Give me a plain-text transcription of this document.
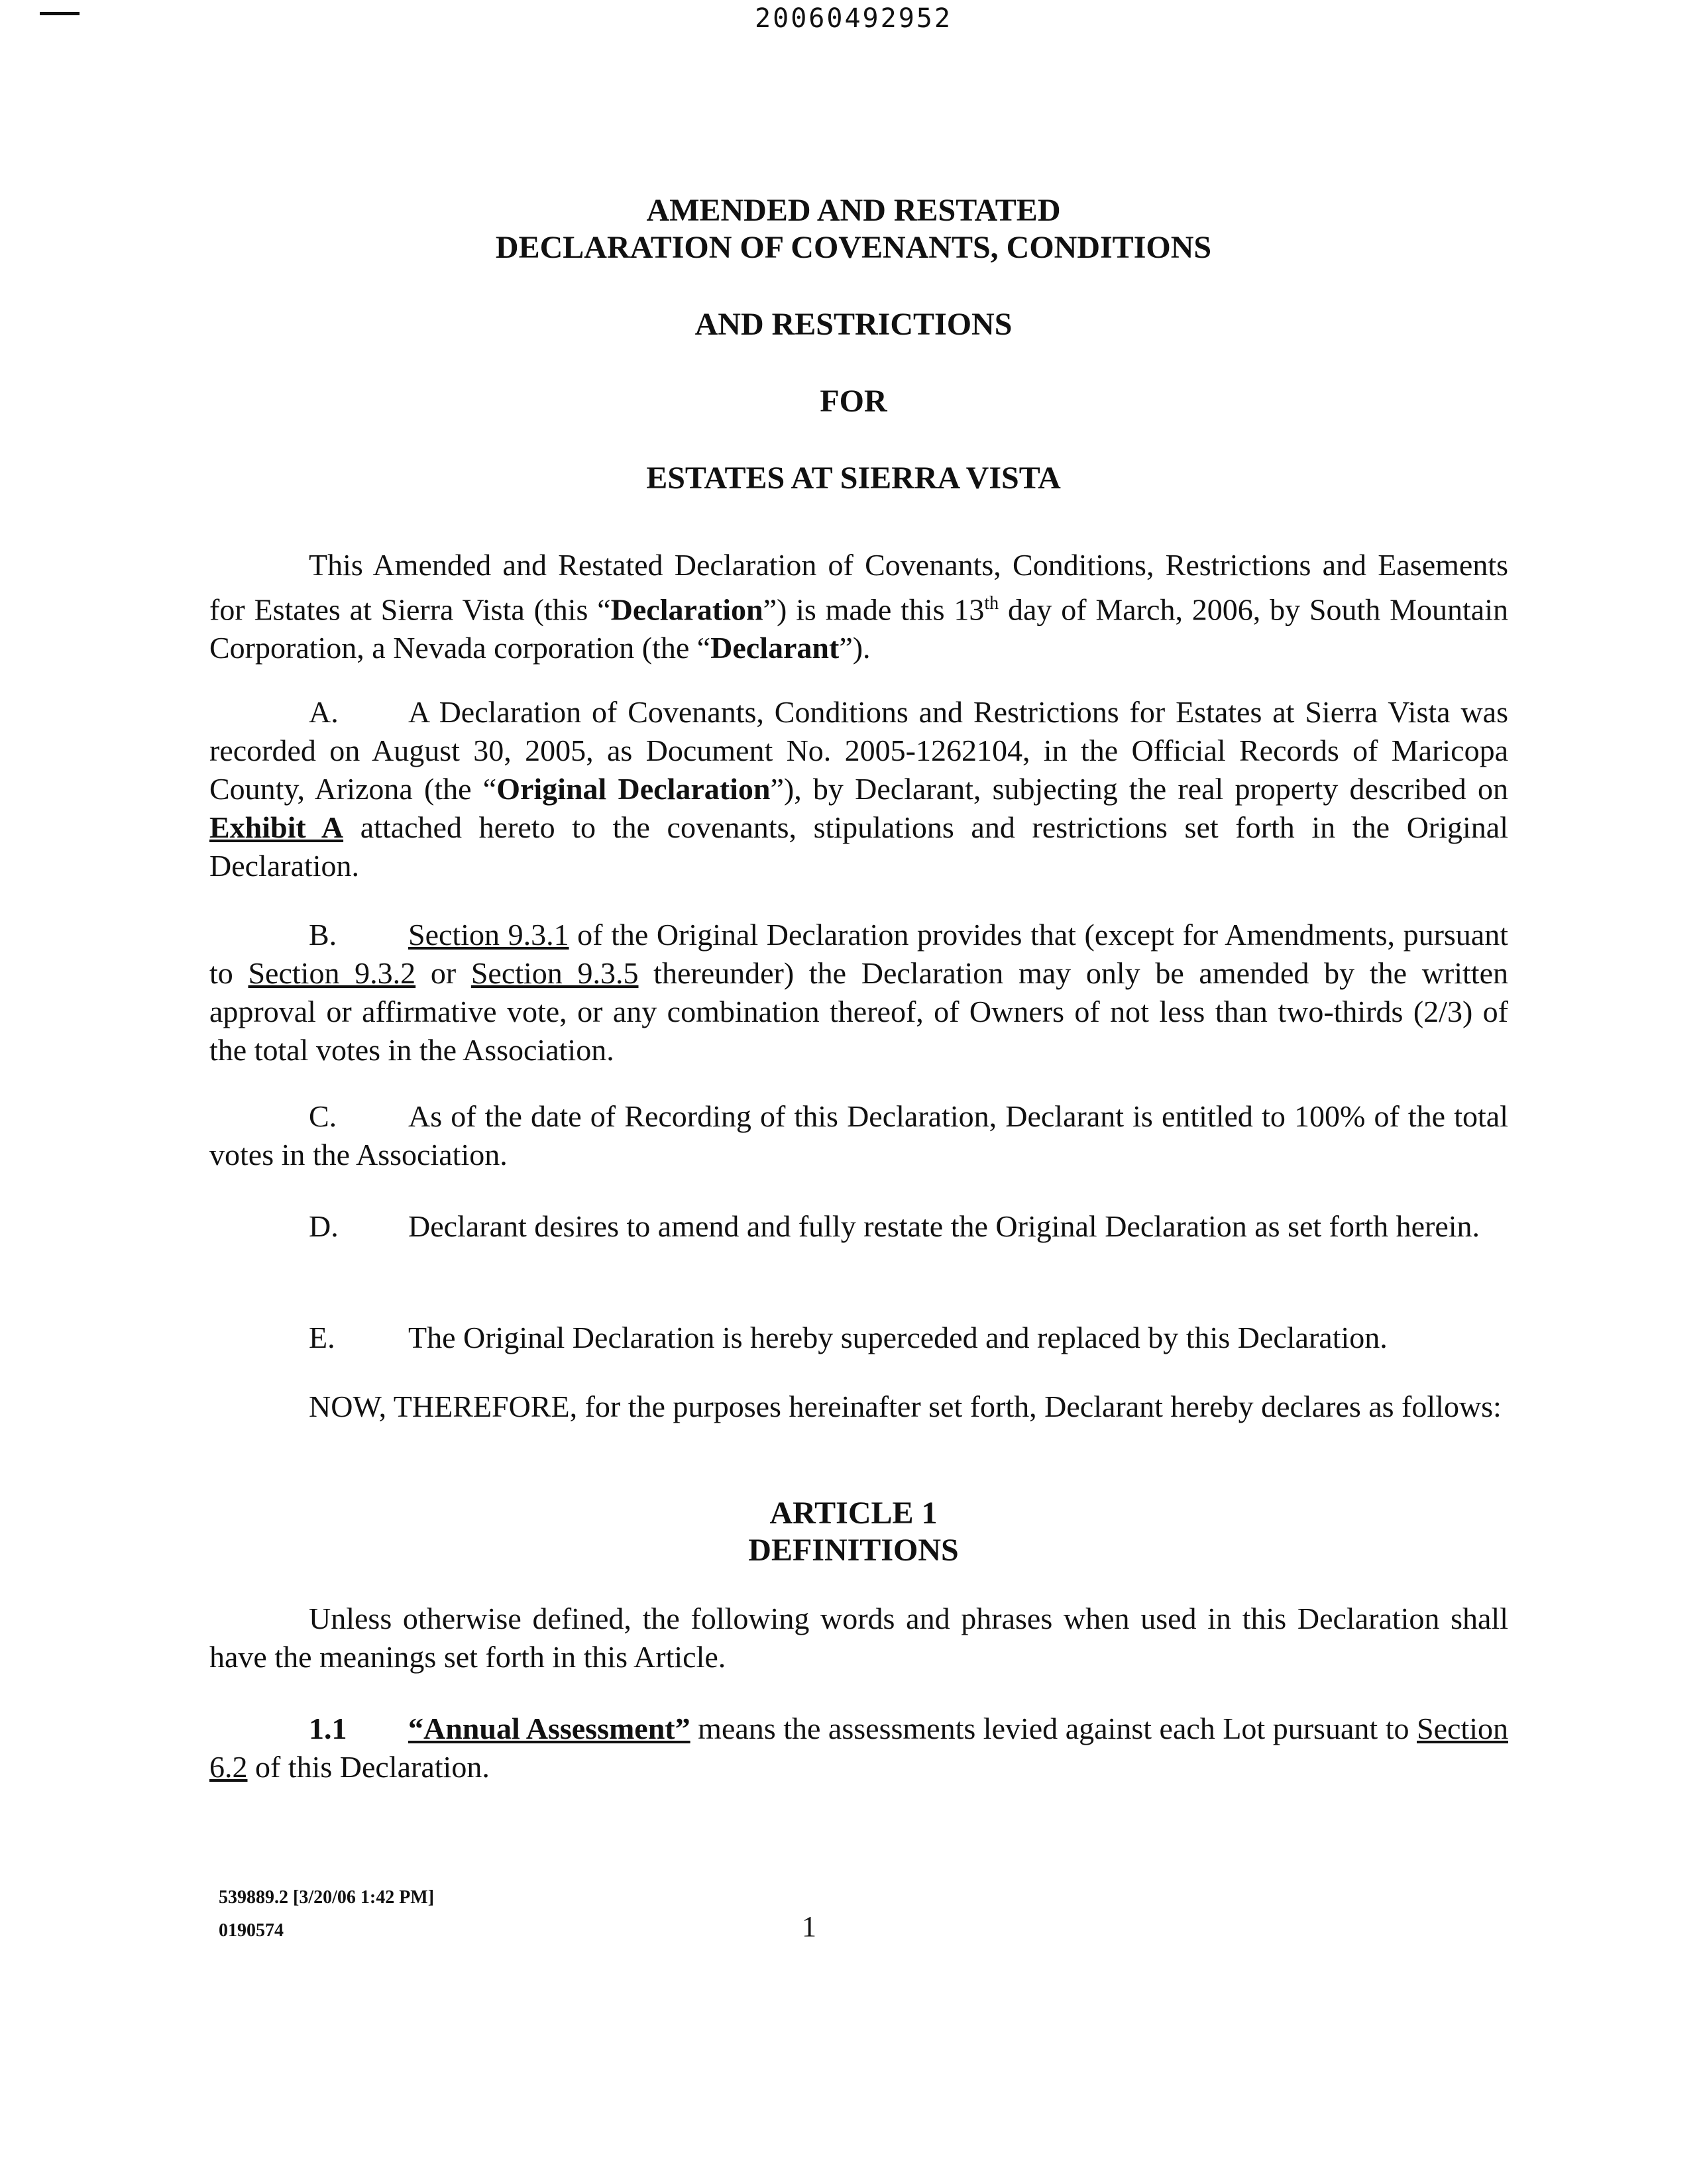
20060492952
AMENDED AND RESTATED
DECLARATION OF COVENANTS, CONDITIONS
AND RESTRICTIONS
FOR
ESTATES AT SIERRA VISTA

This Amended and Restated Declaration of Covenants, Conditions, Restrictions and Easements for Estates at Sierra Vista (this “Declaration”) is made this 13th day of March, 2006, by South Mountain Corporation, a Nevada corporation (the “Declarant”).

A. A Declaration of Covenants, Conditions and Restrictions for Estates at Sierra Vista was recorded on August 30, 2005, as Document No. 2005-1262104, in the Official Records of Maricopa County, Arizona (the “Original Declaration”), by Declarant, subjecting the real property described on Exhibit A attached hereto to the covenants, stipulations and restrictions set forth in the Original Declaration.

B. Section 9.3.1 of the Original Declaration provides that (except for Amendments, pursuant to Section 9.3.2 or Section 9.3.5 thereunder) the Declaration may only be amended by the written approval or affirmative vote, or any combination thereof, of Owners of not less than two-thirds (2/3) of the total votes in the Association.

C. As of the date of Recording of this Declaration, Declarant is entitled to 100% of the total votes in the Association.

D. Declarant desires to amend and fully restate the Original Declaration as set forth herein.

E. The Original Declaration is hereby superceded and replaced by this Declaration.

NOW, THEREFORE, for the purposes hereinafter set forth, Declarant hereby declares as follows:

ARTICLE 1
DEFINITIONS

Unless otherwise defined, the following words and phrases when used in this Declaration shall have the meanings set forth in this Article.

1.1 “Annual Assessment” means the assessments levied against each Lot pursuant to Section 6.2 of this Declaration.

539889.2 [3/20/06 1:42 PM]
0190574	1
